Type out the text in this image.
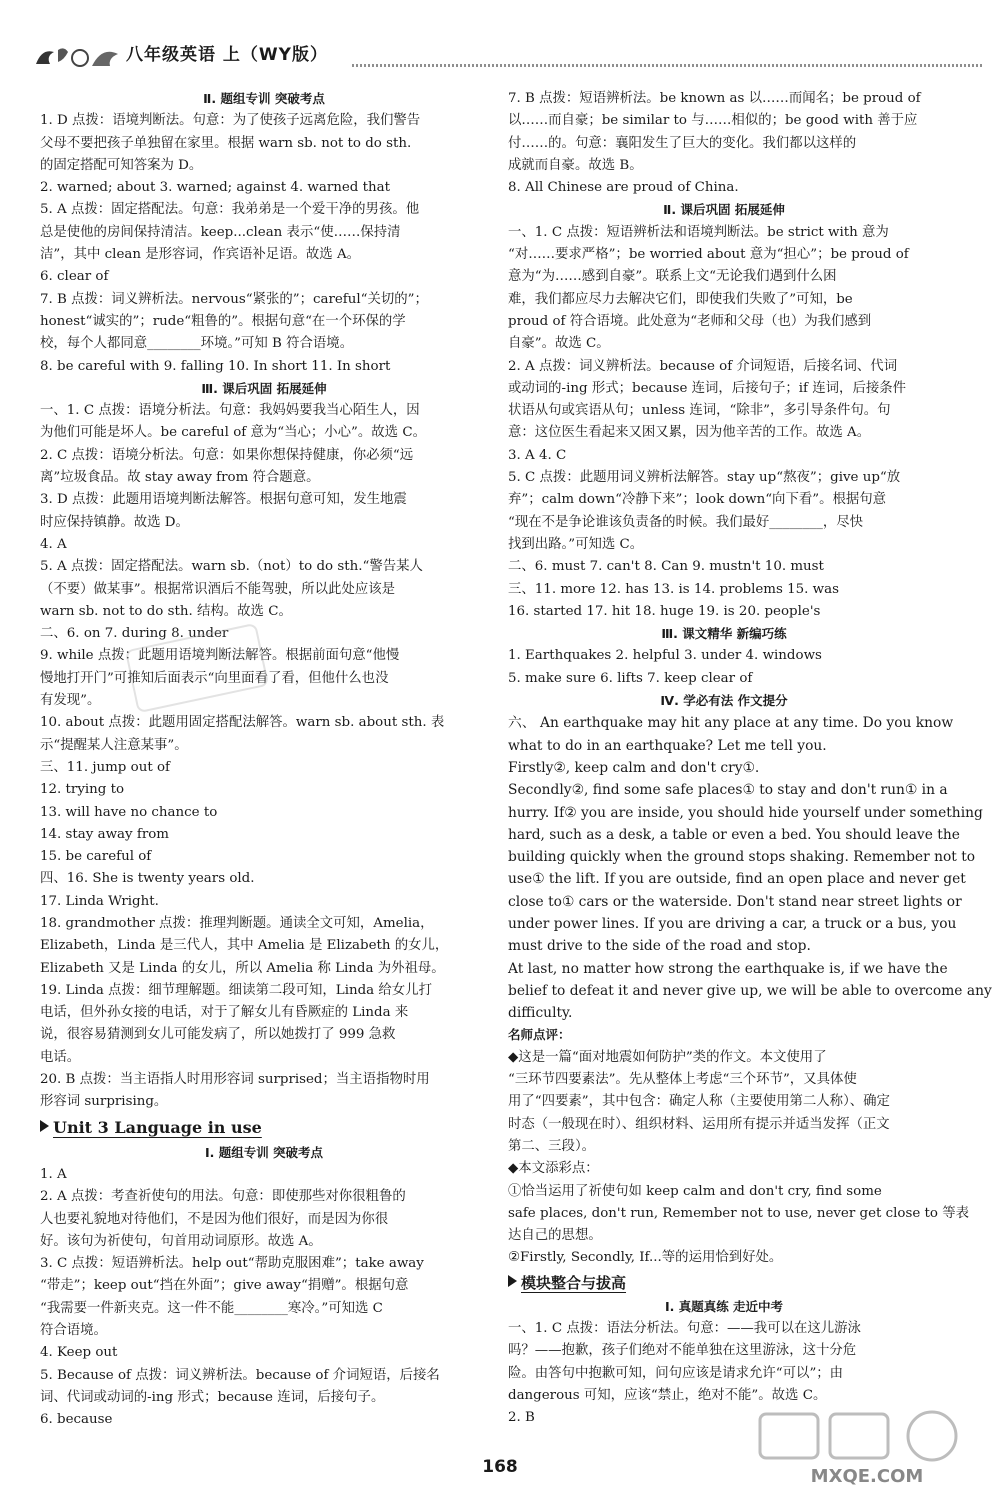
八年级英语 上（WY版）
Ⅱ. 题组专训 突破考点
1. D 点拨：语境判断法。句意：为了使孩子远离危险，我们警告
父母不要把孩子单独留在家里。根据 warn sb. not to do sth.
的固定搭配可知答案为 D。
2. warned; about 3. warned; against 4. warned that
5. A 点拨：固定搭配法。句意：我弟弟是一个爱干净的男孩。他
总是使他的房间保持清洁。keep...clean 表示“使……保持清
洁”，其中 clean 是形容词，作宾语补足语。故选 A。
6. clear of
7. B 点拨：词义辨析法。nervous“紧张的”；careful“关切的”；
honest“诚实的”；rude“粗鲁的”。根据句意“在一个环保的学
校，每个人都同意________环境。”可知 B 符合语境。
8. be careful with 9. falling 10. In short 11. In short
Ⅲ. 课后巩固 拓展延伸
一、1. C 点拨：语境分析法。句意：我妈妈要我当心陌生人，因
为他们可能是坏人。be careful of 意为“当心；小心”。故选 C。
2. C 点拨：语境分析法。句意：如果你想保持健康，你必须“远
离”垃圾食品。故 stay away from 符合题意。
3. D 点拨：此题用语境判断法解答。根据句意可知，发生地震
时应保持镇静。故选 D。
4. A
5. A 点拨：固定搭配法。warn sb.（not）to do sth.“警告某人
（不要）做某事”。根据常识酒后不能驾驶，所以此处应该是
warn sb. not to do sth. 结构。故选 C。
二、6. on 7. during 8. under
9. while 点拨：此题用语境判断法解答。根据前面句意“他慢
慢地打开门”可推知后面表示“向里面看了看，但他什么也没
有发现”。
10. about 点拨：此题用固定搭配法解答。warn sb. about sth. 表
示“提醒某人注意某事”。
三、11. jump out of
12. trying to
13. will have no chance to
14. stay away from
15. be careful of
四、16. She is twenty years old.
17. Linda Wright.
18. grandmother 点拨：推理判断题。通读全文可知，Amelia，
Elizabeth，Linda 是三代人，其中 Amelia 是 Elizabeth 的女儿，
Elizabeth 又是 Linda 的女儿，所以 Amelia 称 Linda 为外祖母。
19. Linda 点拨：细节理解题。细读第二段可知，Linda 给女儿打
电话，但外孙女接的电话，对于了解女儿有昏厥症的 Linda 来
说，很容易猜测到女儿可能发病了，所以她拨打了 999 急救
电话。
20. B 点拨：当主语指人时用形容词 surprised；当主语指物时用
形容词 surprising。
Unit 3 Language in use
Ⅰ. 题组专训 突破考点
1. A
2. A 点拨：考查祈使句的用法。句意：即使那些对你很粗鲁的
人也要礼貌地对待他们，不是因为他们很好，而是因为你很
好。该句为祈使句，句首用动词原形。故选 A。
3. C 点拨：短语辨析法。help out“帮助克服困难”；take away
“带走”；keep out“挡在外面”；give away“捐赠”。根据句意
“我需要一件新夹克。这一件不能________寒冷。”可知选 C
符合语境。
4. Keep out
5. Because of 点拨：词义辨析法。because of 介词短语，后接名
词、代词或动词的-ing 形式；because 连词，后接句子。
6. because
7. B 点拨：短语辨析法。be known as 以……而闻名；be proud of
以……而自豪；be similar to 与……相似的；be good with 善于应
付……的。句意：襄阳发生了巨大的变化。我们都以这样的
成就而自豪。故选 B。
8. All Chinese are proud of China.
Ⅱ. 课后巩固 拓展延伸
一、1. C 点拨：短语辨析法和语境判断法。be strict with 意为
“对……要求严格”；be worried about 意为“担心”；be proud of
意为“为……感到自豪”。联系上文“无论我们遇到什么困
难，我们都应尽力去解决它们，即使我们失败了”可知，be
proud of 符合语境。此处意为“老师和父母（也）为我们感到
自豪”。故选 C。
2. A 点拨：词义辨析法。because of 介词短语，后接名词、代词
或动词的-ing 形式；because 连词，后接句子；if 连词，后接条件
状语从句或宾语从句；unless 连词，“除非”，多引导条件句。句
意：这位医生看起来又困又累，因为他辛苦的工作。故选 A。
3. A 4. C
5. C 点拨：此题用词义辨析法解答。stay up“熬夜”；give up“放
弃”；calm down“冷静下来”；look down“向下看”。根据句意
“现在不是争论谁该负责备的时候。我们最好________，尽快
找到出路。”可知选 C。
二、6. must 7. can't 8. Can 9. mustn't 10. must
三、11. more 12. has 13. is 14. problems 15. was
16. started 17. hit 18. huge 19. is 20. people's
Ⅲ. 课文精华 新编巧练
1. Earthquakes 2. helpful 3. under 4. windows
5. make sure 6. lifts 7. keep clear of
Ⅳ. 学必有法 作文提分
六、 An earthquake may hit any place at any time. Do you know
what to do in an earthquake? Let me tell you.
Firstly②, keep calm and don't cry①.
Secondly②, find some safe places① to stay and don't run① in a
hurry. If② you are inside, you should hide yourself under something
hard, such as a desk, a table or even a bed. You should leave the
building quickly when the ground stops shaking. Remember not to
use① the lift. If you are outside, find an open place and never get
close to① cars or the waterside. Don't stand near street lights or
under power lines. If you are driving a car, a truck or a bus, you
must drive to the side of the road and stop.
At last, no matter how strong the earthquake is, if we have the
belief to defeat it and never give up, we will be able to overcome any
difficulty.
名师点评：
◆这是一篇“面对地震如何防护”类的作文。本文使用了
“三环节四要素法”。先从整体上考虑“三个环节”，又具体使
用了“四要素”，其中包含：确定人称（主要使用第二人称）、确定
时态（一般现在时）、组织材料、运用所有提示并适当发挥（正文
第二、三段）。
◆本文添彩点：
①恰当运用了祈使句如 keep calm and don't cry, find some
safe places, don't run, Remember not to use, never get close to 等表
达自己的思想。
②Firstly, Secondly, If...等的运用恰到好处。
模块整合与拔高
Ⅰ. 真题真练 走近中考
一、1. C 点拨：语法分析法。句意：——我可以在这儿游泳
吗？——抱歉，孩子们绝对不能单独在这里游泳，这十分危
险。由答句中抱歉可知，问句应该是请求允许“可以”；由
dangerous 可知，应该“禁止，绝对不能”。故选 C。
2. B
168	MXQE.COM
